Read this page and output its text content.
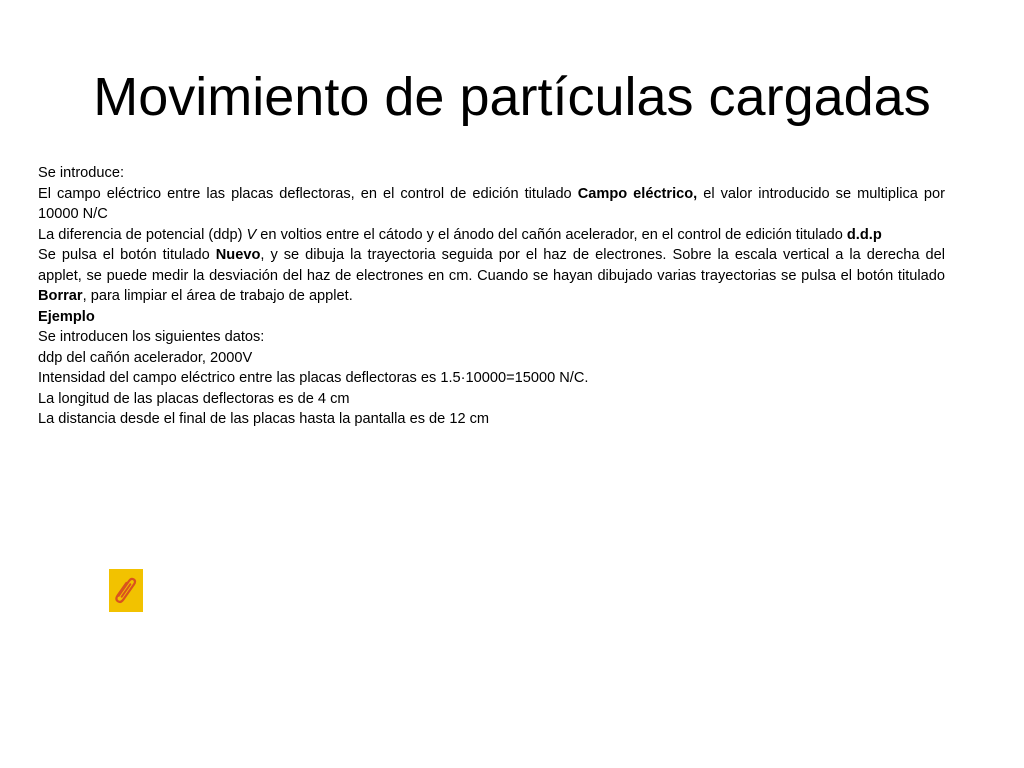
Movimiento de partículas cargadas

Se introduce:

El campo eléctrico entre las placas deflectoras, en el control de edición titulado Campo eléctrico, el valor introducido se multiplica por 10000 N/C

La diferencia de potencial (ddp) V en voltios entre el cátodo y el ánodo del cañón acelerador, en el control de edición titulado d.d.p

Se pulsa el botón titulado Nuevo, y se dibuja la trayectoria seguida por el haz de electrones. Sobre la escala vertical a la derecha del applet, se puede medir la desviación del haz de electrones en cm. Cuando se hayan dibujado varias trayectorias se pulsa el botón titulado Borrar, para limpiar el área de trabajo de applet.

Ejemplo

Se introducen los siguientes datos:

ddp del cañón acelerador, 2000V

Intensidad del campo eléctrico entre las placas deflectoras es 1.5·10000=15000 N/C.

La longitud de las placas deflectoras es de 4 cm

La distancia desde el final de las placas hasta la pantalla es de 12 cm
